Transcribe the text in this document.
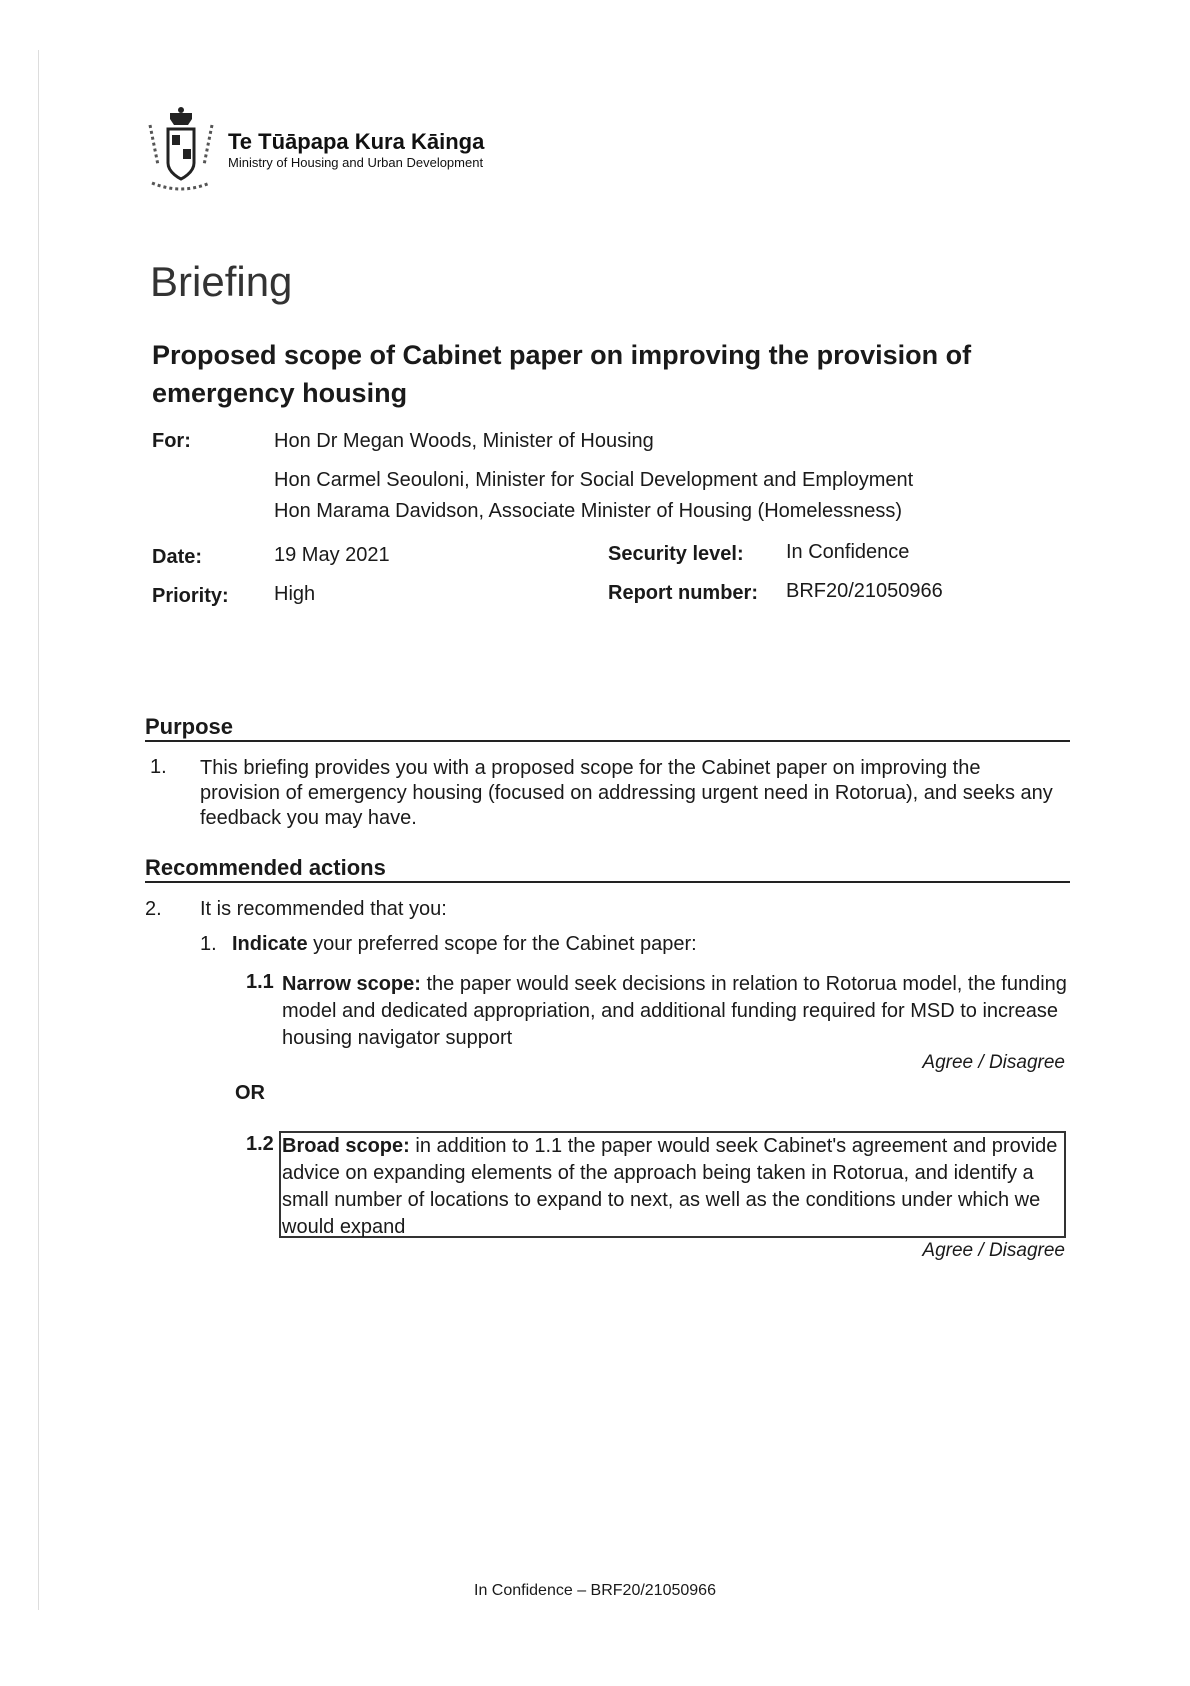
Te Tūāpapa Kura Kāinga
Ministry of Housing and Urban Development
Briefing
Proposed scope of Cabinet paper on improving the provision of emergency housing
For:	Hon Dr Megan Woods, Minister of Housing
Hon Carmel Seouloni, Minister for Social Development and Employment
Hon Marama Davidson, Associate Minister of Housing (Homelessness)
Date:	19 May 2021	Security level: In Confidence
Priority: High	Report number: BRF20/21050966
Purpose
1. This briefing provides you with a proposed scope for the Cabinet paper on improving the provision of emergency housing (focused on addressing urgent need in Rotorua), and seeks any feedback you may have.
Recommended actions
2. It is recommended that you:
1. Indicate your preferred scope for the Cabinet paper:
1.1 Narrow scope: the paper would seek decisions in relation to Rotorua model, the funding model and dedicated appropriation, and additional funding required for MSD to increase housing navigator support
Agree / Disagree
OR
1.2 Broad scope: in addition to 1.1 the paper would seek Cabinet's agreement and provide advice on expanding elements of the approach being taken in Rotorua, and identify a small number of locations to expand to next, as well as the conditions under which we would expand
Agree / Disagree
In Confidence – BRF20/21050966
